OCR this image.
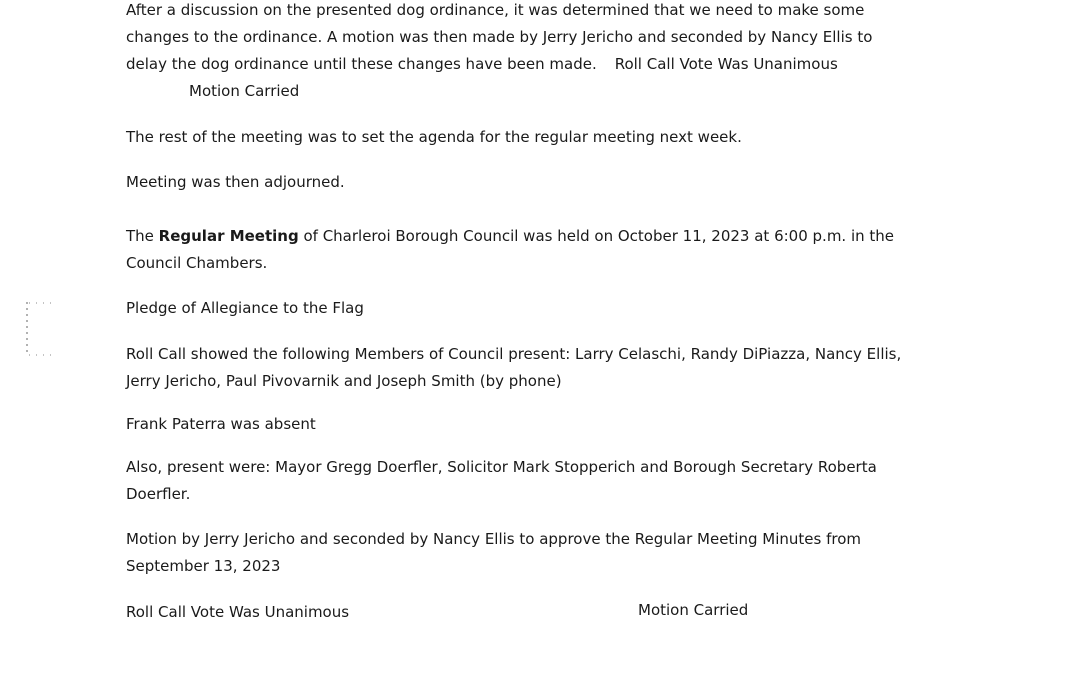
After a discussion on the presented dog ordinance, it was determined that we need to make some
changes to the ordinance. A motion was then made by Jerry Jericho and seconded by Nancy Ellis to
delay the dog ordinance until these changes have been made. Roll Call Vote Was Unanimous
Motion Carried

The rest of the meeting was to set the agenda for the regular meeting next week.

Meeting was then adjourned.

The Regular Meeting of Charleroi Borough Council was held on October 11, 2023 at 6:00 p.m. in the
Council Chambers.

Pledge of Allegiance to the Flag

Roll Call showed the following Members of Council present: Larry Celaschi, Randy DiPiazza, Nancy Ellis,
Jerry Jericho, Paul Pivovarnik and Joseph Smith (by phone)

Frank Paterra was absent

Also, present were: Mayor Gregg Doerfler, Solicitor Mark Stopperich and Borough Secretary Roberta
Doerfler.

Motion by Jerry Jericho and seconded by Nancy Ellis to approve the Regular Meeting Minutes from
September 13, 2023

Roll Call Vote Was Unanimous	Motion Carried
